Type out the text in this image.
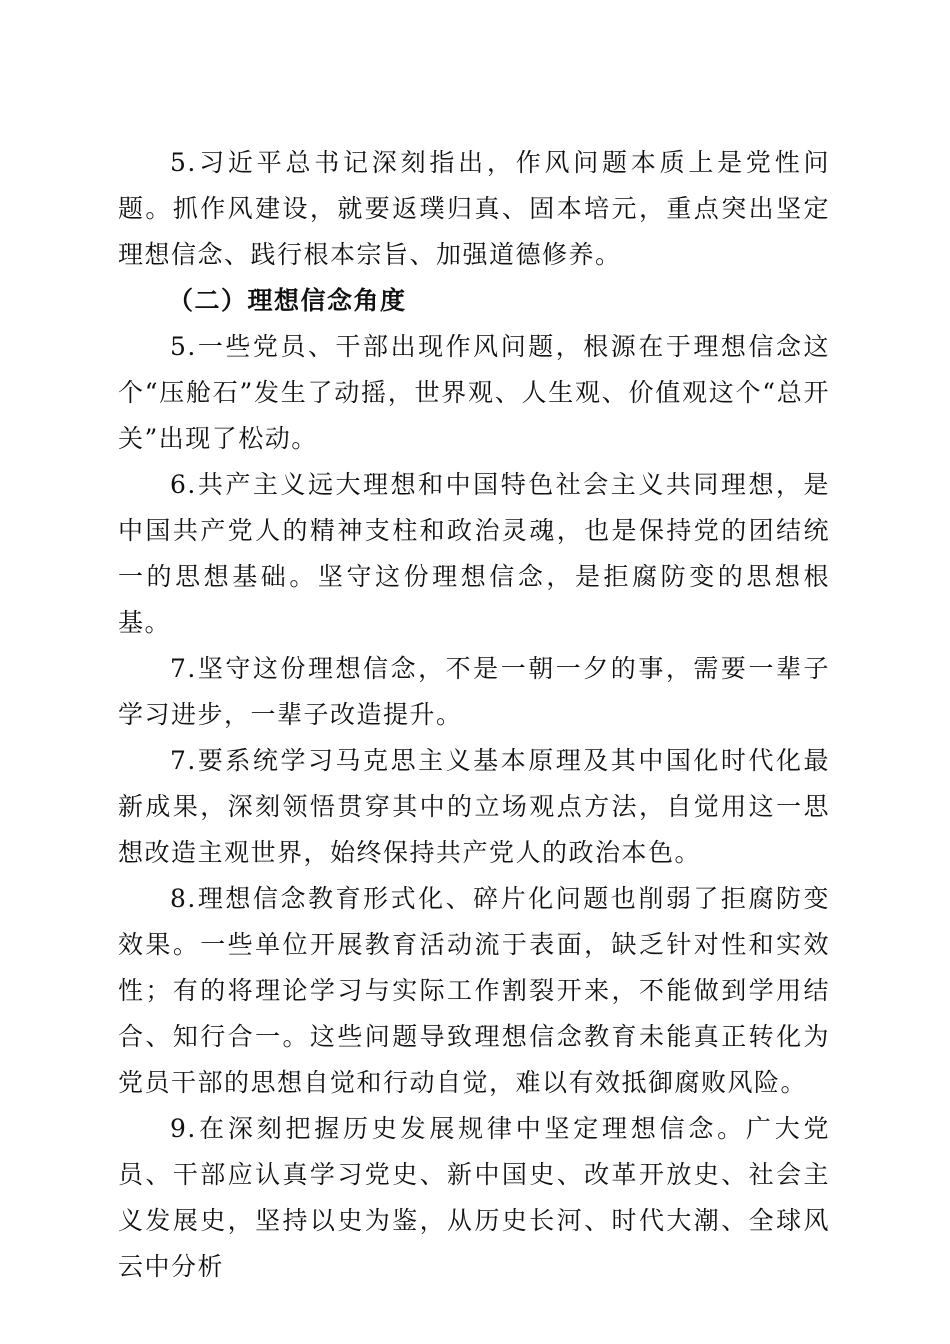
5.习近平总书记深刻指出，作风问题本质上是党性问题。抓作风建设，就要返璞归真、固本培元，重点突出坚定理想信念、践行根本宗旨、加强道德修养。

（二）理想信念角度

5.一些党员、干部出现作风问题，根源在于理想信念这个“压舱石”发生了动摇，世界观、人生观、价值观这个“总开关”出现了松动。

6.共产主义远大理想和中国特色社会主义共同理想，是中国共产党人的精神支柱和政治灵魂，也是保持党的团结统一的思想基础。坚守这份理想信念，是拒腐防变的思想根基。

7.坚守这份理想信念，不是一朝一夕的事，需要一辈子学习进步，一辈子改造提升。

7.要系统学习马克思主义基本原理及其中国化时代化最新成果，深刻领悟贯穿其中的立场观点方法，自觉用这一思想改造主观世界，始终保持共产党人的政治本色。

8.理想信念教育形式化、碎片化问题也削弱了拒腐防变效果。一些单位开展教育活动流于表面，缺乏针对性和实效性；有的将理论学习与实际工作割裂开来，不能做到学用结合、知行合一。这些问题导致理想信念教育未能真正转化为党员干部的思想自觉和行动自觉，难以有效抵御腐败风险。

9.在深刻把握历史发展规律中坚定理想信念。广大党员、干部应认真学习党史、新中国史、改革开放史、社会主义发展史，坚持以史为鉴，从历史长河、时代大潮、全球风云中分析
